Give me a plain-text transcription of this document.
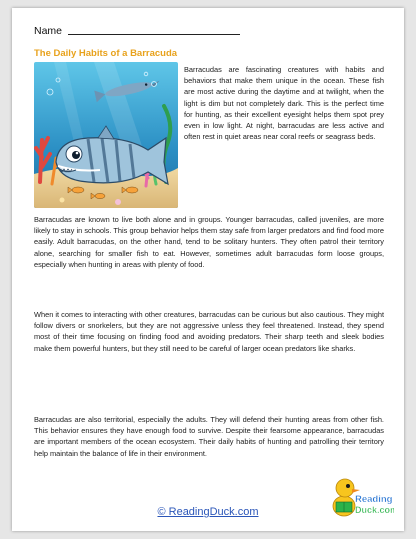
Name
The Daily Habits of a Barracuda

Barracudas are fascinating creatures with habits and behaviors that make them unique in the ocean. These fish are most active during the daytime and at twilight, when the light is dim but not completely dark. This is the perfect time for hunting, as their excellent eyesight helps them spot prey even in low light. At night, barracudas are less active and often rest in quiet areas near coral reefs or seagrass beds.

Barracudas are known to live both alone and in groups. Younger barracudas, called juveniles, are more likely to stay in schools. This group behavior helps them stay safe from larger predators and find food more easily. Adult barracudas, on the other hand, tend to be solitary hunters. They often patrol their territory alone, searching for smaller fish to eat. However, sometimes adult barracudas form loose groups, especially when hunting in areas with plenty of food.

When it comes to interacting with other creatures, barracudas can be curious but also cautious. They might follow divers or snorkelers, but they are not aggressive unless they feel threatened. Instead, they spend most of their time focusing on finding food and avoiding predators. Their sharp teeth and sleek bodies make them powerful hunters, but they still need to be careful of larger ocean predators like sharks.

Barracudas are also territorial, especially the adults. They will defend their hunting areas from other fish. This behavior ensures they have enough food to survive. Despite their fearsome appearance, barracudas are important members of the ocean ecosystem. Their daily habits of hunting and patrolling their territory help maintain the balance of life in their environment.

© ReadingDuck.com
Reading
Duck.com
